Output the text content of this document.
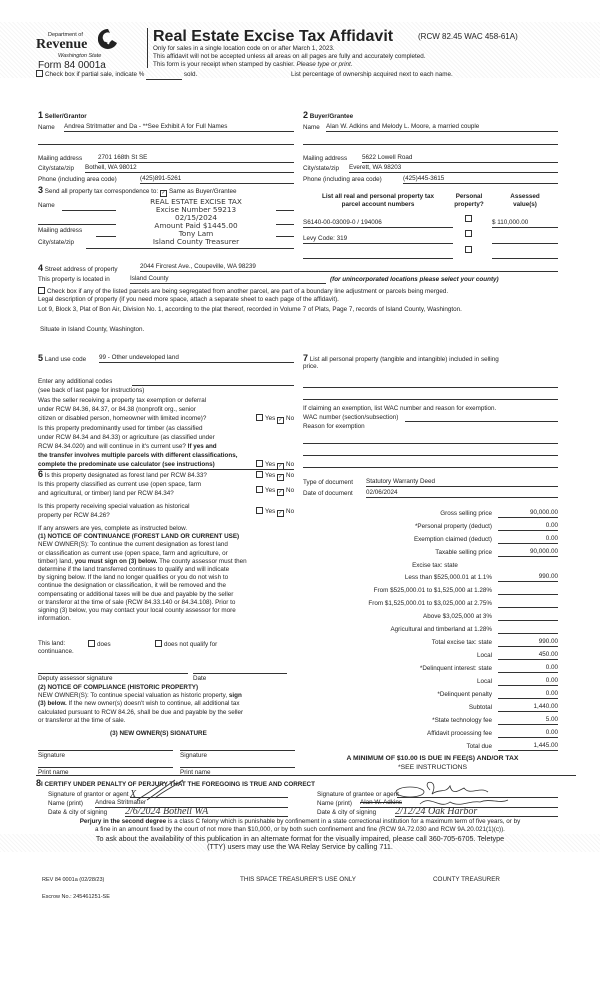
Department of
Revenue
Washington State
Form 84 0001a
Real Estate Excise Tax Affidavit	(RCW 82.45 WAC 458-61A)
Only for sales in a single location code on or after March 1, 2023.
This affidavit will not be accepted unless all areas on all pages are fully and accurately completed.
This form is your receipt when stamped by cashier. Please type or print.
Check box if partial sale, indicate %	sold.	List percentage of ownership acquired next to each name.
1 Seller/Grantor
Name Andrea Stritmatter and Da - **See Exhibit A for Full Names
Mailing address	2701 168th St SE
City/state/zip Bothell, WA 98012
Phone (including area code)	(425)891-5261
2 Buyer/Grantee
Name Alan W. Adkins and Melody L. Moore, a married couple
Mailing address 5622 Lowell Road
City/state/zip Everett, WA 98203
Phone (including area code)	(425)445-3615
3 Send all property tax correspondence to: ✓ Same as Buyer/Grantee
Name
Mailing address
City/state/zip
REAL ESTATE EXCISE TAX
Excise Number 59213
02/15/2024
Amount Paid $1445.00
Tony Lam
Island County Treasurer
List all real and personal property tax
parcel account numbers
Personal
property?
Assessed
value(s)
S6140-00-03009-0 / 194006
Levy Code: 319
$ 110,000.00
4 Street address of property	2044 Fircrest Ave., Coupeville, WA 98239
This property is located in	Island County	(for unincorporated locations please select your county)
Check box if any of the listed parcels are being segregated from another parcel, are part of a boundary line adjustment or parcels being merged.
Legal description of property (if you need more space, attach a separate sheet to each page of the affidavit).
Lot 9, Block 3, Plat of Bon Air, Division No. 1, according to the plat thereof, recorded in Volume 7 of Plats, Page 7, records of Island County, Washington.
Situate in Island County, Washington.
5 Land use code 99 - Other undeveloped land
Enter any additional codes
(see back of last page for instructions)
Was the seller receiving a property tax exemption or deferral
under RCW 84.36, 84.37, or 84.38 (nonprofit org., senior
citizen or disabled person, homeowner with limited income)?	Yes ✓ No
Is this property predominantly used for timber (as classified
under RCW 84.34 and 84.33) or agriculture (as classified under
RCW 84.34.020) and will continue in it's current use? If yes and
the transfer involves multiple parcels with different classifications,
complete the predominate use calculator (see instructions)	Yes ✓ No
6 Is this property designated as forest land per RCW 84.33?	Yes ✓ No
Is this property classified as current use (open space, farm
and agricultural, or timber) land per RCW 84.34?	Yes ✓ No
Is this property receiving special valuation as historical
property per RCW 84.26?
Yes ✓ No
If any answers are yes, complete as instructed below.
(1) NOTICE OF CONTINUANCE (FOREST LAND OR CURRENT USE)
NEW OWNER(S): To continue the current designation as forest land
or classification as current use (open space, farm and agriculture, or
timber) land, you must sign on (3) below. The county assessor must then
determine if the land transferred continues to qualify and will indicate
by signing below. If the land no longer qualifies or you do not wish to
continue the designation or classification, it will be removed and the
compensating or additional taxes will be due and payable by the seller
or transferor at the time of sale (RCW 84.33.140 or 84.34.108). Prior to
signing (3) below, you may contact your local county assessor for more
information.
This land:	does	does not qualify for
continuance.
Deputy assessor signature	Date
(2) NOTICE OF COMPLIANCE (HISTORIC PROPERTY)
NEW OWNER(S): To continue special valuation as historic property, sign
(3) below. If the new owner(s) doesn't wish to continue, all additional tax
calculated pursuant to RCW 84.26, shall be due and payable by the seller
or transferor at the time of sale.
(3) NEW OWNER(S) SIGNATURE
Signature	Signature
Print name	Print name
7 List all personal property (tangible and intangible) included in selling
price.
If claiming an exemption, list WAC number and reason for exemption.
WAC number (section/subsection)
Reason for exemption
Type of document Statutory Warranty Deed
Date of document 02/06/2024
Gross selling price	90,000.00
*Personal property (deduct)	0.00
Exemption claimed (deduct)	0.00
Taxable selling price	90,000.00
Less than $525,000.01 at 1.1%	990.00
From $525,000.01 to $1,525,000 at 1.28%
From $1,525,000.01 to $3,025,000 at 2.75%
Above $3,025,000 at 3%
Agricultural and timberland at 1.28%
Total excise tax: state	990.00
Local	450.00
*Delinquent interest: state	0.00
Local	0.00
*Delinquent penalty	0.00
Subtotal	1,440.00
*State technology fee	5.00
Affidavit processing fee	0.00
Total due	1,445.00
Excise tax: state
A MINIMUM OF $10.00 IS DUE IN FEE(S) AND/OR TAX
*SEE INSTRUCTIONS
8I CERTIFY UNDER PENALTY OF PERJURY THAT THE FOREGOING IS TRUE AND CORRECT
Signature of grantor or agent X
Name (print) Andrea Stritmatter
Date & city of signing 2/6/2024 Bothell WA
Signature of grantee or agent
Name (print) Alan W. Adkins
Date & city of signing 2/12/24 Oak Harbor
Perjury in the second degree is a class C felony which is punishable by confinement in a state correctional institution for a maximum term of five years, or by
a fine in an amount fixed by the court of not more than $10,000, or by both such confinement and fine (RCW 9A.72.030 and RCW 9A.20.021(1)(c)).
To ask about the availability of this publication in an alternate format for the visually impaired, please call 360-705-6705. Teletype
(TTY) users may use the WA Relay Service by calling 711.
REV 84 0001a (02/28/23)	THIS SPACE TREASURER'S USE ONLY	COUNTY TREASURER
Escrow No.: 245461251-SE
